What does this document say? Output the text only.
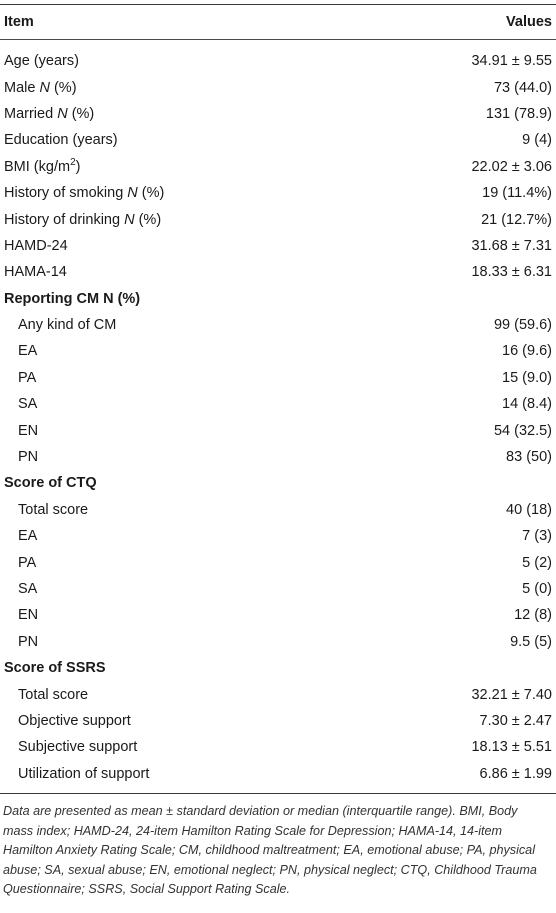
Item	Values
Age (years)	34.91 ± 9.55
Male N (%)	73 (44.0)
Married N (%)	131 (78.9)
Education (years)	9 (4)
BMI $(kg/m^2)$	22.02 ± 3.06
History of smoking N (%)	19 (11.4%)
History of drinking N (%)	21 (12.7%)
HAMD-24	31.68 ± 7.31
HAMA-14	18.33 ± 6.31
Reporting CM N (%)
Any kind of CM	99 (59.6)
EA	16 (9.6)
PA	15 (9.0)
SA	14 (8.4)
EN	54 (32.5)
PN	83 (50)
Score of CTQ
Total score	40 (18)
EA	7 (3)
PA	5 (2)
SA	5 (0)
EN	12 (8)
PN	9.5 (5)
Score of SSRS
Total score	32.21 ± 7.40
Objective support	7.30 ± 2.47
Subjective support	18.13 ± 5.51
Utilization of support	6.86 ± 1.99
Data are presented as mean ± standard deviation or median (interquartile range). BMI, Body mass index; HAMD-24, 24-item Hamilton Rating Scale for Depression; HAMA-14, 14-item Hamilton Anxiety Rating Scale; CM, childhood maltreatment; EA, emotional abuse; PA, physical abuse; SA, sexual abuse; EN, emotional neglect; PN, physical neglect; CTQ, Childhood Trauma Questionnaire; SSRS, Social Support Rating Scale.
